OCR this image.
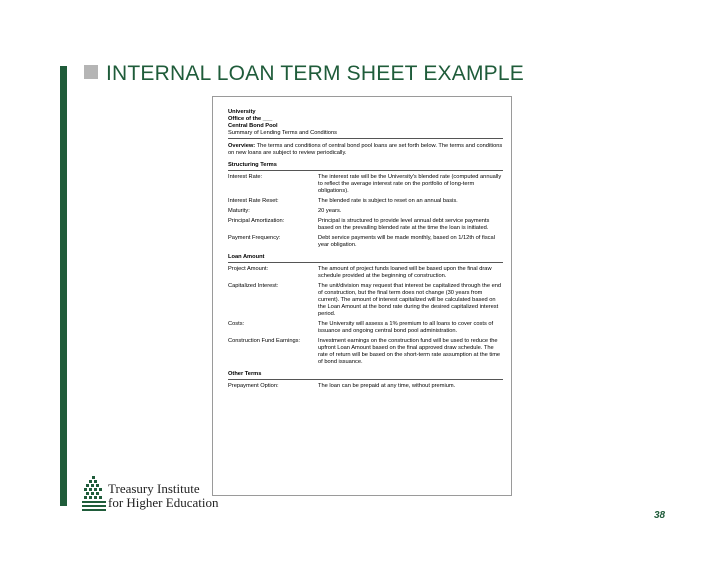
INTERNAL LOAN TERM SHEET EXAMPLE
University
Office of the ___
Central Bond Pool
Summary of Lending Terms and Conditions
Overview: The terms and conditions of central bond pool loans are set forth below. The terms and conditions on new loans are subject to review periodically.
Structuring Terms
Interest Rate:	The interest rate will be the University's blended rate (computed annually to reflect the average interest rate on the portfolio of long-term obligations).
Interest Rate Reset:	The blended rate is subject to reset on an annual basis.
Maturity:	20 years.
Principal Amortization:	Principal is structured to provide level annual debt service payments based on the prevailing blended rate at the time the loan is initiated.
Payment Frequency:	Debt service payments will be made monthly, based on 1/12th of fiscal year obligation.
Loan Amount
Project Amount:	The amount of project funds loaned will be based upon the final draw schedule provided at the beginning of construction.
Capitalized Interest:	The unit/division may request that interest be capitalized through the end of construction, but the final term does not change (30 years from current). The amount of interest capitalized will be calculated based on the Loan Amount at the bond rate during the desired capitalized interest period.
Costs:	The University will assess a 1% premium to all loans to cover costs of issuance and ongoing central bond pool administration.
Construction Fund Earnings:	Investment earnings on the construction fund will be used to reduce the upfront Loan Amount based on the final approved draw schedule. The rate of return will be based on the short-term rate assumption at the time of bond issuance.
Other Terms
Prepayment Option:	The loan can be prepaid at any time, without premium.
Treasury Institute
for Higher Education
38
